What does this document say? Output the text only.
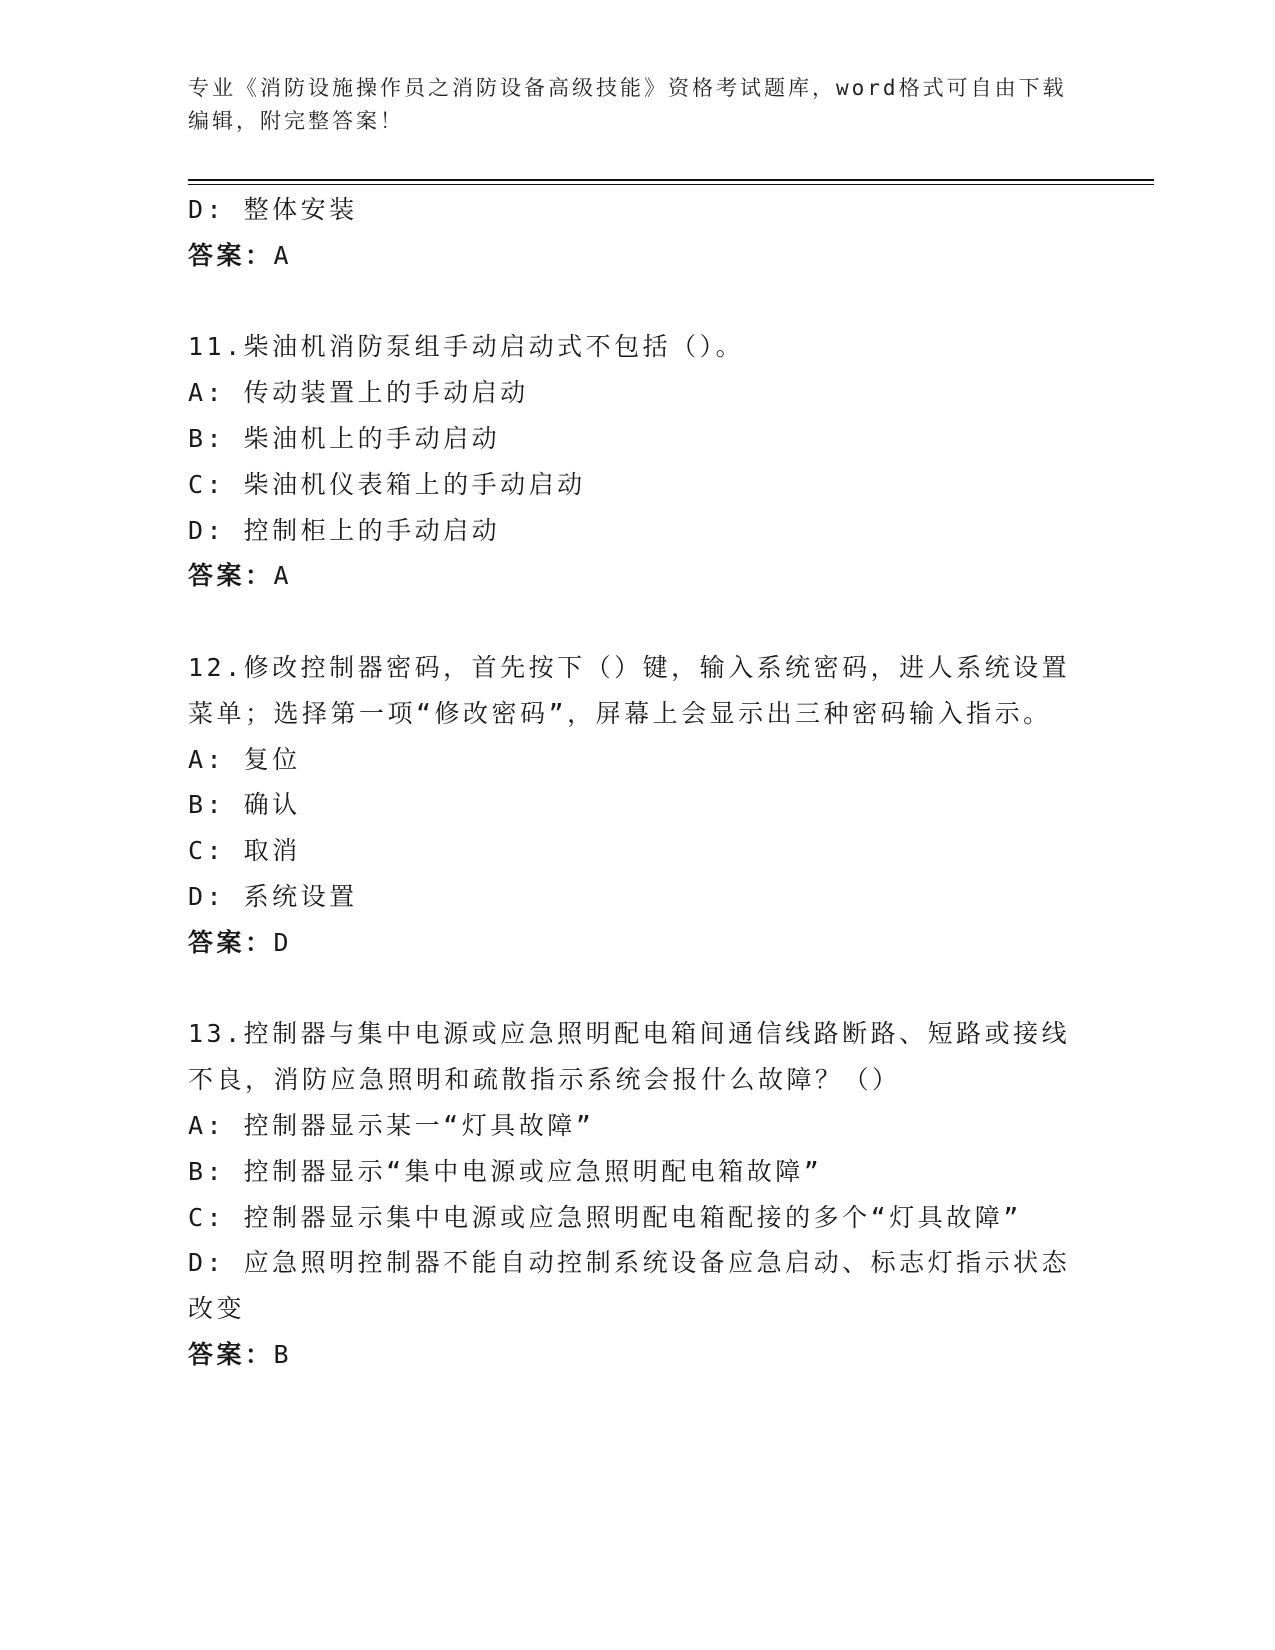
专业《消防设施操作员之消防设备高级技能》资格考试题库，word格式可自由下载编辑，附完整答案！

D: 整体安装

答案：A

11.柴油机消防泵组手动启动式不包括（）。

A: 传动装置上的手动启动

B: 柴油机上的手动启动

C: 柴油机仪表箱上的手动启动

D: 控制柜上的手动启动

答案：A

12.修改控制器密码，首先按下（）键，输入系统密码，进人系统设置菜单；选择第一项“修改密码”，屏幕上会显示出三种密码输入指示。

A: 复位

B: 确认

C: 取消

D: 系统设置

答案：D

13.控制器与集中电源或应急照明配电箱间通信线路断路、短路或接线不良，消防应急照明和疏散指示系统会报什么故障？（）

A: 控制器显示某一“灯具故障”

B: 控制器显示“集中电源或应急照明配电箱故障”

C: 控制器显示集中电源或应急照明配电箱配接的多个“灯具故障”

D: 应急照明控制器不能自动控制系统设备应急启动、标志灯指示状态改变

答案：B
